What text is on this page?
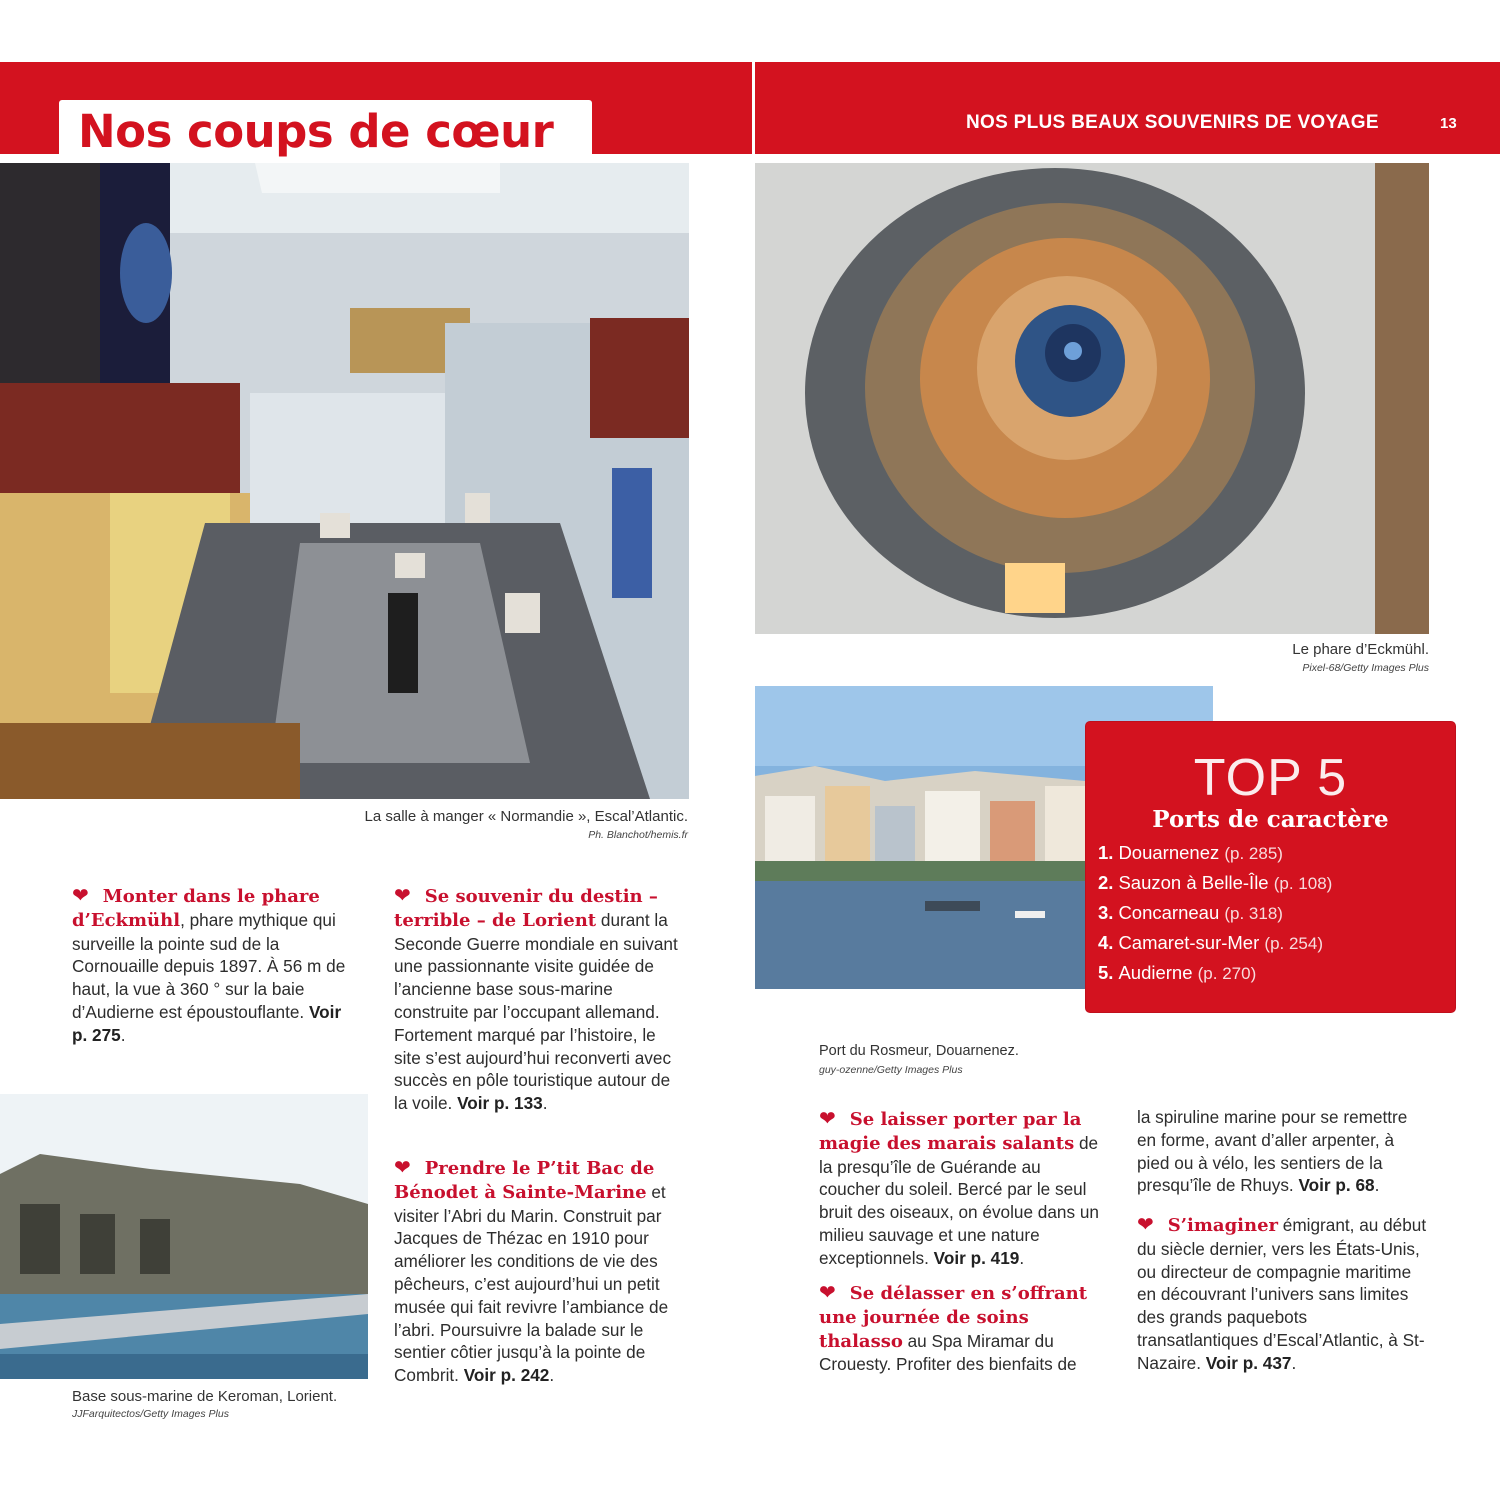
Nos coups de cœur	NOS PLUS BEAUX SOUVENIRS DE VOYAGE	13
La salle à manger « Normandie », Escal’Atlantic.
Ph. Blanchot/hemis.fr
Le phare d’Eckmühl.
Pixel-68/Getty Images Plus
Port du Rosmeur, Douarnenez.
guy-ozenne/Getty Images Plus
TOP 5
Ports de caractère
1. Douarnenez (p. 285)
2. Sauzon à Belle-Île (p. 108)
3. Concarneau (p. 318)
4. Camaret-sur-Mer (p. 254)
5. Audierne (p. 270)
Base sous-marine de Keroman, Lorient.
JJFarquitectos/Getty Images Plus
❤ Monter dans le phare d’Eckmühl, phare mythique qui surveille la pointe sud de la Cornouaille depuis 1897. À 56 m de haut, la vue à 360 ° sur la baie d’Audierne est époustouflante. Voir p. 275.
❤ Se souvenir du destin – terrible – de Lorient durant la Seconde Guerre mondiale en suivant une passionnante visite guidée de l’ancienne base sous-marine construite par l’occupant allemand. Fortement marqué par l’histoire, le site s’est aujourd’hui reconverti avec succès en pôle touristique autour de la voile. Voir p. 133.
❤ Prendre le P’tit Bac de Bénodet à Sainte-Marine et visiter l’Abri du Marin. Construit par Jacques de Thézac en 1910 pour améliorer les conditions de vie des pêcheurs, c’est aujourd’hui un petit musée qui fait revivre l’ambiance de l’abri. Poursuivre la balade sur le sentier côtier jusqu’à la pointe de Combrit. Voir p. 242.
❤ Se laisser porter par la magie des marais salants de la presqu’île de Guérande au coucher du soleil. Bercé par le seul bruit des oiseaux, on évolue dans un milieu sauvage et une nature exceptionnels. Voir p. 419.
❤ Se délasser en s’offrant une journée de soins thalasso au Spa Miramar du Crouesty. Profiter des bienfaits de
la spiruline marine pour se remettre en forme, avant d’aller arpenter, à pied ou à vélo, les sentiers de la presqu’île de Rhuys. Voir p. 68.
❤ S’imaginer émigrant, au début du siècle dernier, vers les États-Unis, ou directeur de compagnie maritime en découvrant l’univers sans limites des grands paquebots transatlantiques d’Escal’Atlantic, à St-Nazaire. Voir p. 437.
